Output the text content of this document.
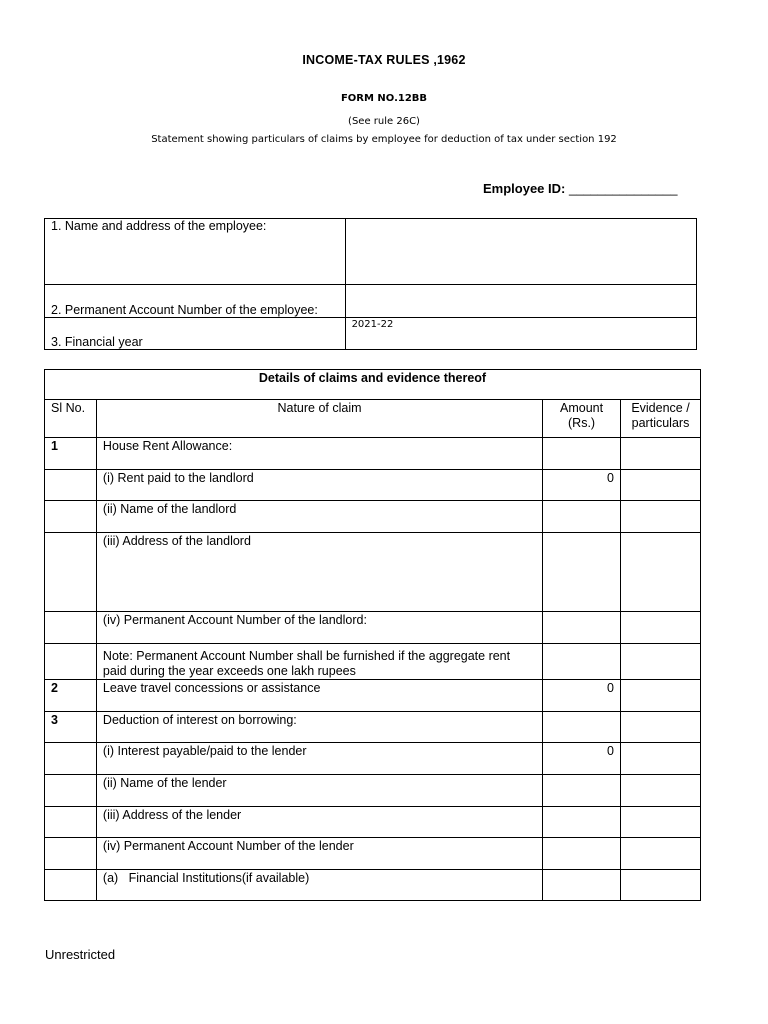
INCOME-TAX RULES ,1962
FORM NO.12BB
(See rule 26C)
Statement showing particulars of claims by employee for deduction of tax under section 192
Employee ID: _______________
1. Name and address of the employee:	
2. Permanent Account Number of the employee:	
3. Financial year	2021-22
Details of claims and evidence thereof			
Sl No.	Nature of claim	Amount (Rs.)	Evidence / particulars
1	House Rent Allowance:		
	(i) Rent paid to the landlord	0	
	(ii) Name of the landlord		
	(iii) Address of the landlord		
	(iv) Permanent Account Number of the landlord:		
	Note: Permanent Account Number shall be furnished if the aggregate rent paid during the year exceeds one lakh rupees		
2	Leave travel concessions or assistance	0	
3	Deduction of interest on borrowing:		
	(i) Interest payable/paid to the lender	0	
	(ii) Name of the lender		
	(iii) Address of the lender		
	(iv) Permanent Account Number of the lender		
	(a)   Financial Institutions(if available)		
Unrestricted
